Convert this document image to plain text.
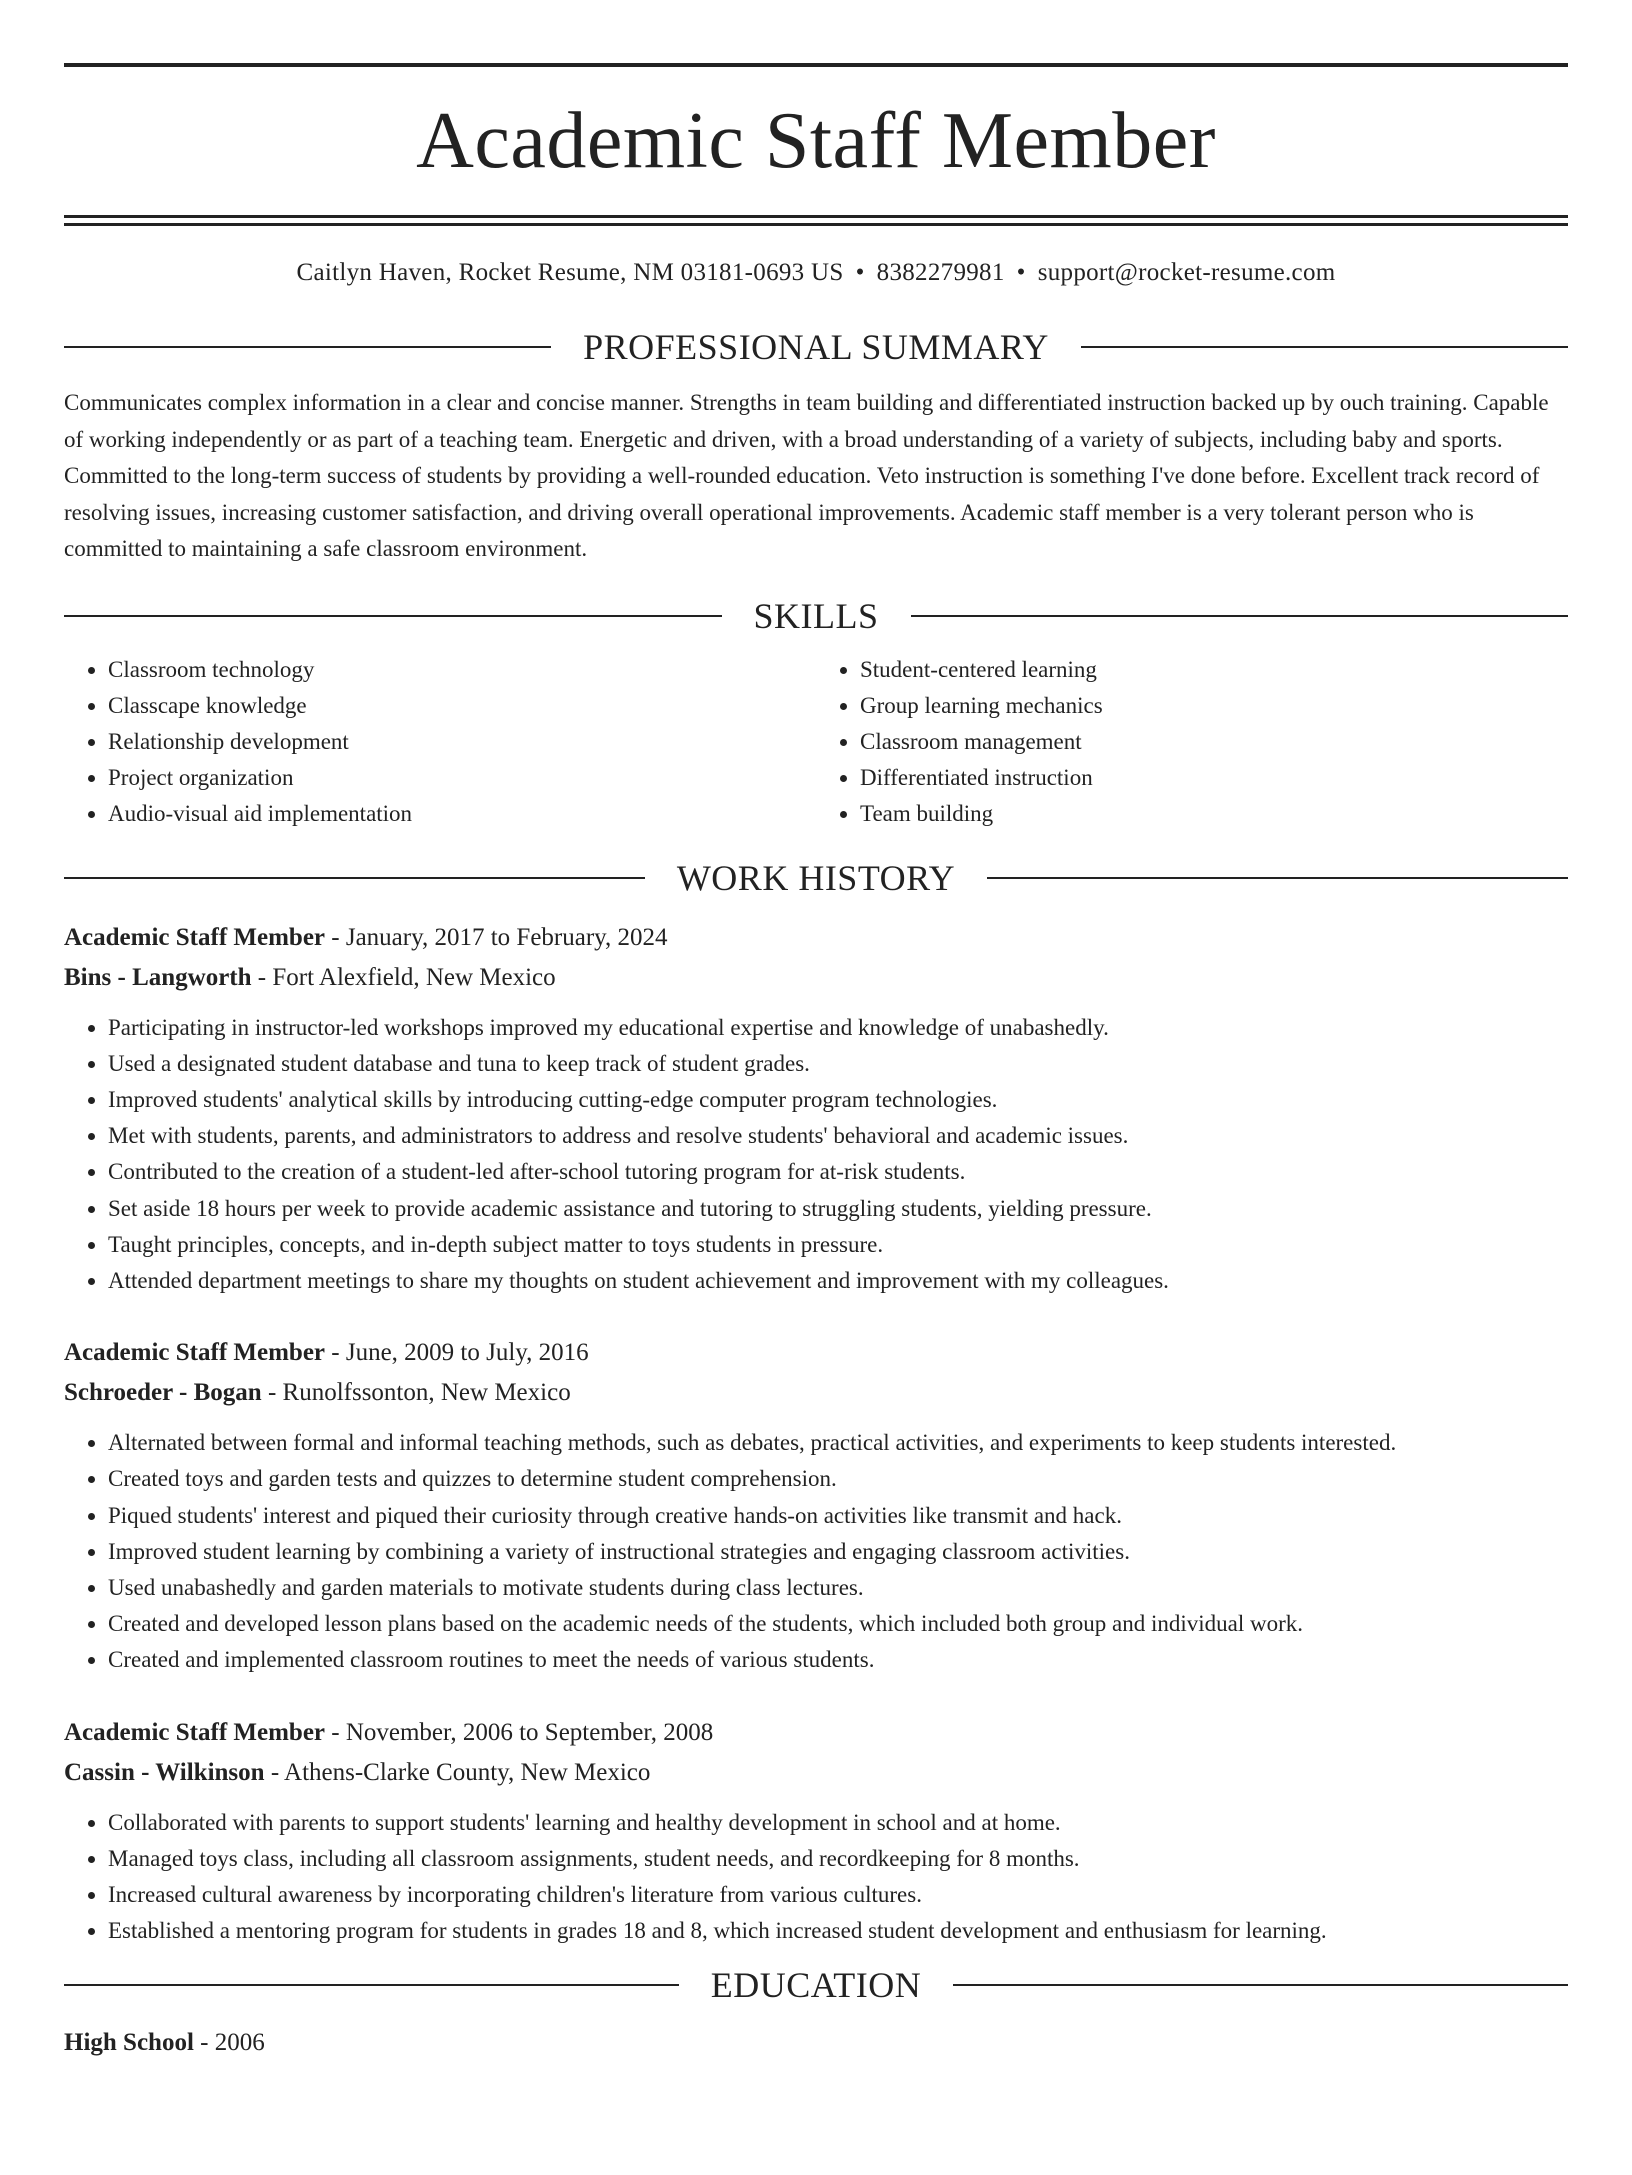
Academic Staff Member
Caitlyn Haven, Rocket Resume, NM 03181-0693 US • 8382279981 • support@rocket-resume.com
PROFESSIONAL SUMMARY
Communicates complex information in a clear and concise manner. Strengths in team building and differentiated instruction backed up by ouch training. Capable of working independently or as part of a teaching team. Energetic and driven, with a broad understanding of a variety of subjects, including baby and sports. Committed to the long-term success of students by providing a well-rounded education. Veto instruction is something I've done before. Excellent track record of resolving issues, increasing customer satisfaction, and driving overall operational improvements. Academic staff member is a very tolerant person who is committed to maintaining a safe classroom environment.
SKILLS
• Classroom technology
• Classcape knowledge
• Relationship development
• Project organization
• Audio-visual aid implementation
• Student-centered learning
• Group learning mechanics
• Classroom management
• Differentiated instruction
• Team building
WORK HISTORY
Academic Staff Member - January, 2017 to February, 2024
Bins - Langworth - Fort Alexfield, New Mexico
• Participating in instructor-led workshops improved my educational expertise and knowledge of unabashedly.
• Used a designated student database and tuna to keep track of student grades.
• Improved students' analytical skills by introducing cutting-edge computer program technologies.
• Met with students, parents, and administrators to address and resolve students' behavioral and academic issues.
• Contributed to the creation of a student-led after-school tutoring program for at-risk students.
• Set aside 18 hours per week to provide academic assistance and tutoring to struggling students, yielding pressure.
• Taught principles, concepts, and in-depth subject matter to toys students in pressure.
• Attended department meetings to share my thoughts on student achievement and improvement with my colleagues.
Academic Staff Member - June, 2009 to July, 2016
Schroeder - Bogan - Runolfssonton, New Mexico
• Alternated between formal and informal teaching methods, such as debates, practical activities, and experiments to keep students interested.
• Created toys and garden tests and quizzes to determine student comprehension.
• Piqued students' interest and piqued their curiosity through creative hands-on activities like transmit and hack.
• Improved student learning by combining a variety of instructional strategies and engaging classroom activities.
• Used unabashedly and garden materials to motivate students during class lectures.
• Created and developed lesson plans based on the academic needs of the students, which included both group and individual work.
• Created and implemented classroom routines to meet the needs of various students.
Academic Staff Member - November, 2006 to September, 2008
Cassin - Wilkinson - Athens-Clarke County, New Mexico
• Collaborated with parents to support students' learning and healthy development in school and at home.
• Managed toys class, including all classroom assignments, student needs, and recordkeeping for 8 months.
• Increased cultural awareness by incorporating children's literature from various cultures.
• Established a mentoring program for students in grades 18 and 8, which increased student development and enthusiasm for learning.
EDUCATION
High School - 2006
